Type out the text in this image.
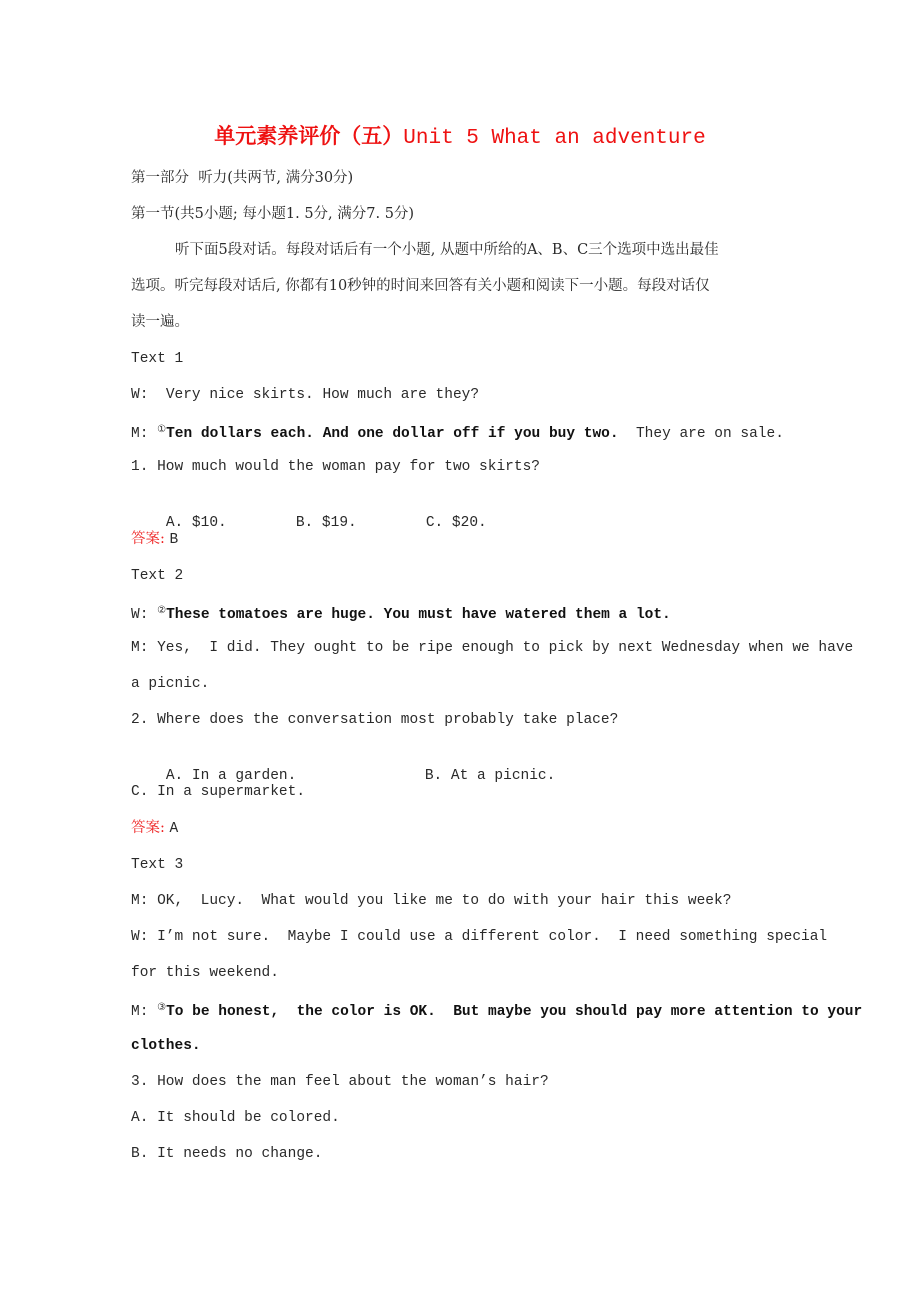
单元素养评价（五）Unit 5 What an adventure
第一部分  听力(共两节, 满分30分)
第一节(共5小题; 每小题1. 5分, 满分7. 5分)
听下面5段对话。每段对话后有一个小题, 从题中所给的A、B、C三个选项中选出最佳
选项。听完每段对话后, 你都有10秒钟的时间来回答有关小题和阅读下一小题。每段对话仅
读一遍。
Text 1
W:  Very nice skirts. How much are they?
M: ①Ten dollars each. And one dollar off if you buy two.  They are on sale.
1. How much would the woman pay for two skirts?

A. $10.	B. $19.	C. $20.

答案: B
Text 2
W: ②These tomatoes are huge. You must have watered them a lot.
M: Yes,  I did. They ought to be ripe enough to pick by next Wednesday when we have
a picnic.
2. Where does the conversation most probably take place?

A. In a garden.	B. At a picnic.

C. In a supermarket.
答案: A
Text 3
M: OK,  Lucy.  What would you like me to do with your hair this week?
W: I’m not sure.  Maybe I could use a different color.  I need something special
for this weekend.
M: ③To be honest,  the color is OK.  But maybe you should pay more attention to your
clothes.
3. How does the man feel about the woman’s hair?
A. It should be colored.
B. It needs no change.
